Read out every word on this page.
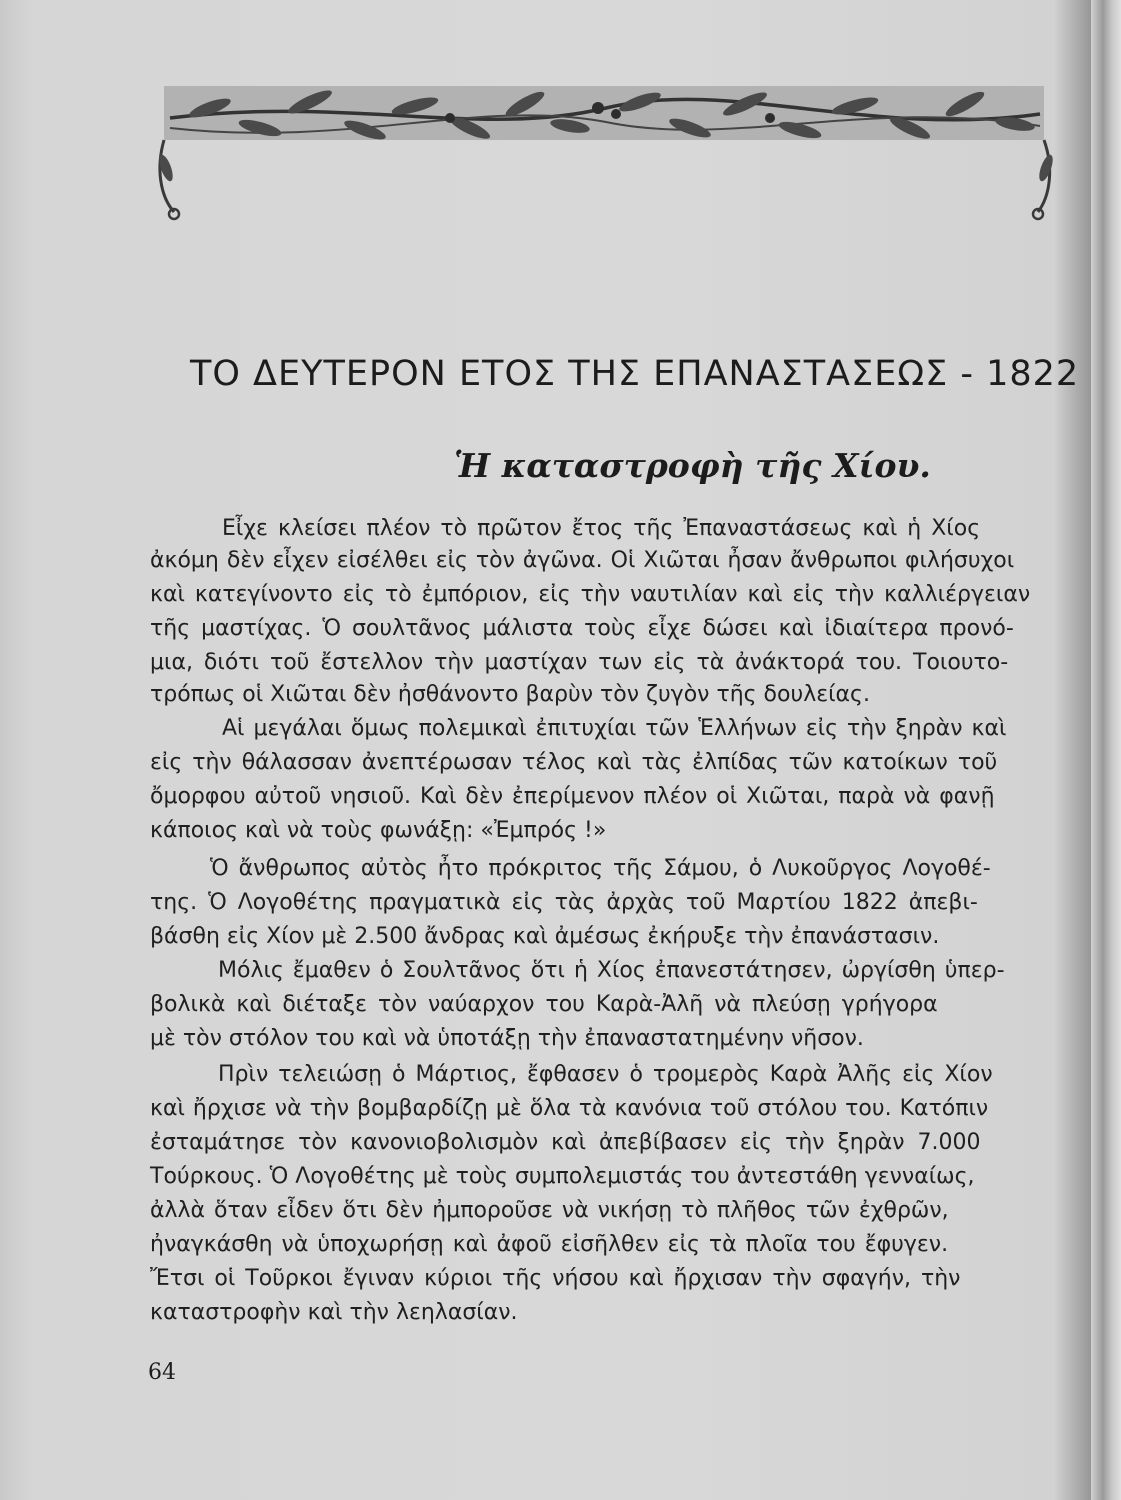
ΤΟ ΔΕΥΤΕΡΟΝ ΕΤΟΣ ΤΗΣ ΕΠΑΝΑΣΤΑΣΕΩΣ - 1822
Ἡ καταστροφὴ τῆς Χίου.
Εἶχε κλείσει πλέον τὸ πρῶτον ἔτος τῆς Ἐπαναστάσεως καὶ ἡ Χίος
ἀκόμη δὲν εἶχεν εἰσέλθει εἰς τὸν ἀγῶνα. Οἱ Χιῶται ἦσαν ἄνθρωποι φιλήσυχοι
καὶ κατεγίνοντο εἰς τὸ ἐμπόριον, εἰς τὴν ναυτιλίαν καὶ εἰς τὴν καλλιέργειαν
τῆς μαστίχας. Ὁ σουλτᾶνος μάλιστα τοὺς εἶχε δώσει καὶ ἰδιαίτερα προνό-
μια, διότι τοῦ ἔστελλον τὴν μαστίχαν των εἰς τὰ ἀνάκτορά του. Τοιουτο-
τρόπως οἱ Χιῶται δὲν ἠσθάνοντο βαρὺν τὸν ζυγὸν τῆς δουλείας.
Αἱ μεγάλαι ὅμως πολεμικαὶ ἐπιτυχίαι τῶν Ἑλλήνων εἰς τὴν ξηρὰν καὶ
εἰς τὴν θάλασσαν ἀνεπτέρωσαν τέλος καὶ τὰς ἐλπίδας τῶν κατοίκων τοῦ
ὄμορφου αὐτοῦ νησιοῦ. Καὶ δὲν ἐπερίμενον πλέον οἱ Χιῶται, παρὰ νὰ φανῇ
κάποιος καὶ νὰ τοὺς φωνάξῃ: «Ἐμπρός !»
Ὁ ἄνθρωπος αὐτὸς ἦτο πρόκριτος τῆς Σάμου, ὁ Λυκοῦργος Λογοθέ-
της. Ὁ Λογοθέτης πραγματικὰ εἰς τὰς ἀρχὰς τοῦ Μαρτίου 1822 ἀπεβι-
βάσθη εἰς Χίον μὲ 2.500 ἄνδρας καὶ ἀμέσως ἐκήρυξε τὴν ἐπανάστασιν.
Μόλις ἔμαθεν ὁ Σουλτᾶνος ὅτι ἡ Χίος ἐπανεστάτησεν, ὠργίσθη ὑπερ-
βολικὰ καὶ διέταξε τὸν ναύαρχον του Καρὰ-Ἀλῆ νὰ πλεύσῃ γρήγορα
μὲ τὸν στόλον του καὶ νὰ ὑποτάξῃ τὴν ἐπαναστατημένην νῆσον.
Πρὶν τελειώσῃ ὁ Μάρτιος, ἔφθασεν ὁ τρομερὸς Καρὰ Ἀλῆς εἰς Χίον
καὶ ἤρχισε νὰ τὴν βομβαρδίζῃ μὲ ὅλα τὰ κανόνια τοῦ στόλου του. Κατόπιν
ἐσταμάτησε τὸν κανονιοβολισμὸν καὶ ἀπεβίβασεν εἰς τὴν ξηρὰν 7.000
Τούρκους. Ὁ Λογοθέτης μὲ τοὺς συμπολεμιστάς του ἀντεστάθη γενναίως,
ἀλλὰ ὅταν εἶδεν ὅτι δὲν ἠμποροῦσε νὰ νικήσῃ τὸ πλῆθος τῶν ἐχθρῶν,
ἠναγκάσθη νὰ ὑποχωρήσῃ καὶ ἀφοῦ εἰσῆλθεν εἰς τὰ πλοῖα του ἔφυγεν.
Ἔτσι οἱ Τοῦρκοι ἔγιναν κύριοι τῆς νήσου καὶ ἤρχισαν τὴν σφαγήν, τὴν
καταστροφὴν καὶ τὴν λεηλασίαν.

64
